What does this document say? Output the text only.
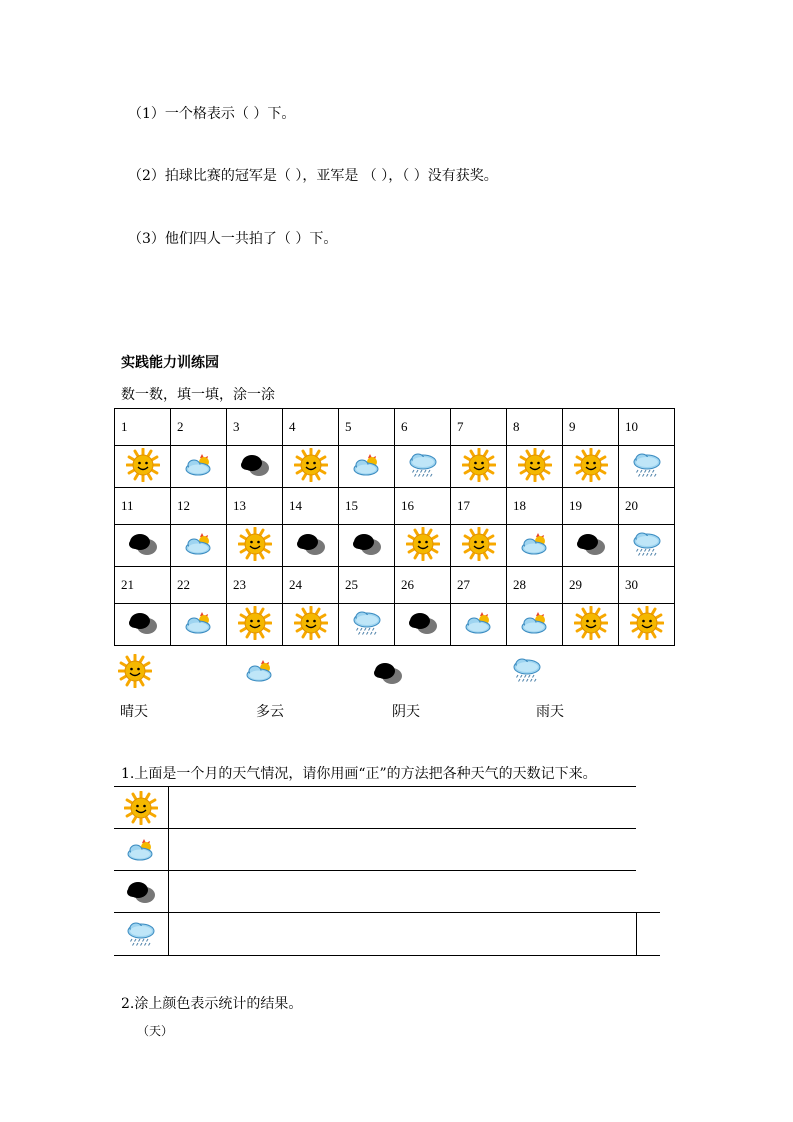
（1）一个格表示（ ）下。
（2）拍球比赛的冠军是（ ），亚军是 （ ），（ ）没有获奖。
（3）他们四人一共拍了（ ）下。
实践能力训练园
数一数，填一填，涂一涂
1	2	3	4	5	6	7	8	9	10

11	12	13	14	15	16	17	18	19	20

21	22	23	24	25	26	27	28	29	30

晴天	多云	阴天	雨天
1.上面是一个月的天气情况，请你用画“正”的方法把各种天气的天数记下来。
2.涂上颜色表示统计的结果。
（天）
